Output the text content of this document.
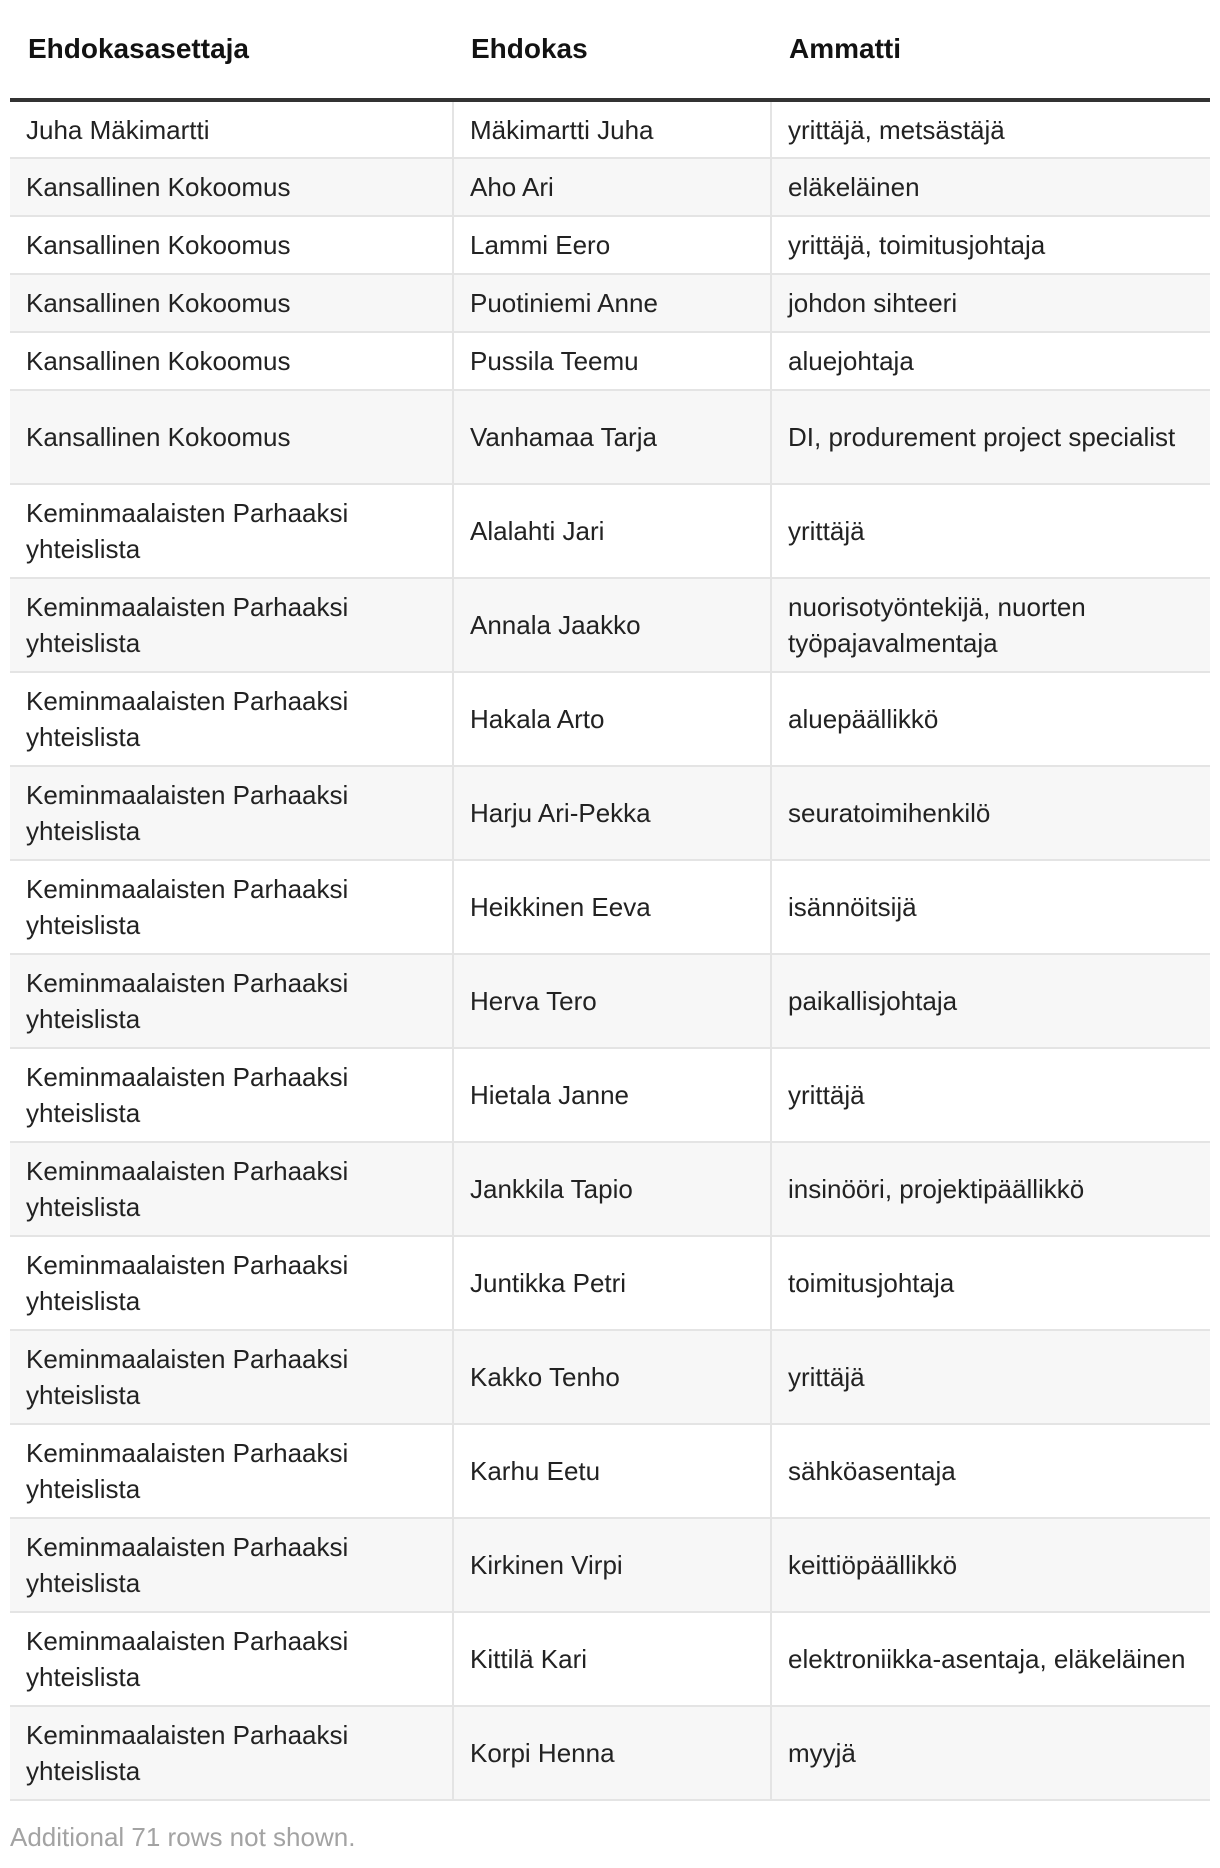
Ehdokasasettaja	Ehdokas	Ammatti
Juha Mäkimartti	Mäkimartti Juha	yrittäjä, metsästäjä
Kansallinen Kokoomus	Aho Ari	eläkeläinen
Kansallinen Kokoomus	Lammi Eero	yrittäjä, toimitusjohtaja
Kansallinen Kokoomus	Puotiniemi Anne	johdon sihteeri
Kansallinen Kokoomus	Pussila Teemu	aluejohtaja
Kansallinen Kokoomus	Vanhamaa Tarja	DI, produrement project specialist
Keminmaalaisten Parhaaksi yhteislista	Alalahti Jari	yrittäjä
Keminmaalaisten Parhaaksi yhteislista	Annala Jaakko	nuorisotyöntekijä, nuorten työpajavalmentaja
Keminmaalaisten Parhaaksi yhteislista	Hakala Arto	aluepäällikkö
Keminmaalaisten Parhaaksi yhteislista	Harju Ari-Pekka	seuratoimihenkilö
Keminmaalaisten Parhaaksi yhteislista	Heikkinen Eeva	isännöitsijä
Keminmaalaisten Parhaaksi yhteislista	Herva Tero	paikallisjohtaja
Keminmaalaisten Parhaaksi yhteislista	Hietala Janne	yrittäjä
Keminmaalaisten Parhaaksi yhteislista	Jankkila Tapio	insinööri, projektipäällikkö
Keminmaalaisten Parhaaksi yhteislista	Juntikka Petri	toimitusjohtaja
Keminmaalaisten Parhaaksi yhteislista	Kakko Tenho	yrittäjä
Keminmaalaisten Parhaaksi yhteislista	Karhu Eetu	sähköasentaja
Keminmaalaisten Parhaaksi yhteislista	Kirkinen Virpi	keittiöpäällikkö
Keminmaalaisten Parhaaksi yhteislista	Kittilä Kari	elektroniikka-asentaja, eläkeläinen
Keminmaalaisten Parhaaksi yhteislista	Korpi Henna	myyjä
Additional 71 rows not shown.
